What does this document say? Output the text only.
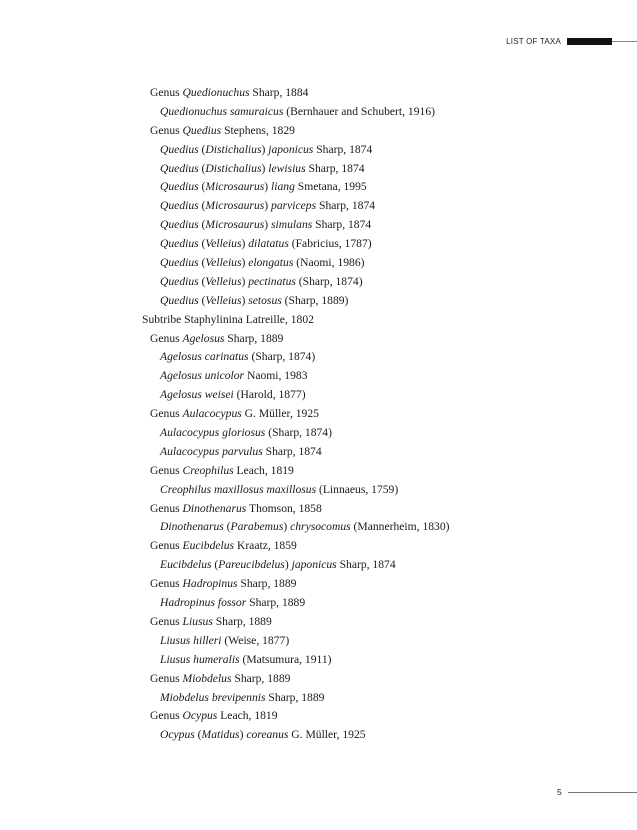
LIST OF TAXA
Genus Quedionuchus Sharp, 1884
Quedionuchus samuraicus (Bernhauer and Schubert, 1916)
Genus Quedius Stephens, 1829
Quedius (Distichalius) japonicus Sharp, 1874
Quedius (Distichalius) lewisius Sharp, 1874
Quedius (Microsaurus) liang Smetana, 1995
Quedius (Microsaurus) parviceps Sharp, 1874
Quedius (Microsaurus) simulans Sharp, 1874
Quedius (Velleius) dilatatus (Fabricius, 1787)
Quedius (Velleius) elongatus (Naomi, 1986)
Quedius (Velleius) pectinatus (Sharp, 1874)
Quedius (Velleius) setosus (Sharp, 1889)
Subtribe Staphylinina Latreille, 1802
Genus Agelosus Sharp, 1889
Agelosus carinatus (Sharp, 1874)
Agelosus unicolor Naomi, 1983
Agelosus weisei (Harold, 1877)
Genus Aulacocypus G. Müller, 1925
Aulacocypus gloriosus (Sharp, 1874)
Aulacocypus parvulus Sharp, 1874
Genus Creophilus Leach, 1819
Creophilus maxillosus maxillosus (Linnaeus, 1759)
Genus Dinothenarus Thomson, 1858
Dinothenarus (Parabemus) chrysocomus (Mannerheim, 1830)
Genus Eucibdelus Kraatz, 1859
Eucibdelus (Pareucibdelus) japonicus Sharp, 1874
Genus Hadropinus Sharp, 1889
Hadropinus fossor Sharp, 1889
Genus Liusus Sharp, 1889
Liusus hilleri (Weise, 1877)
Liusus humeralis (Matsumura, 1911)
Genus Miobdelus Sharp, 1889
Miobdelus brevipennis Sharp, 1889
Genus Ocypus Leach, 1819
Ocypus (Matidus) coreanus G. Müller, 1925
5
